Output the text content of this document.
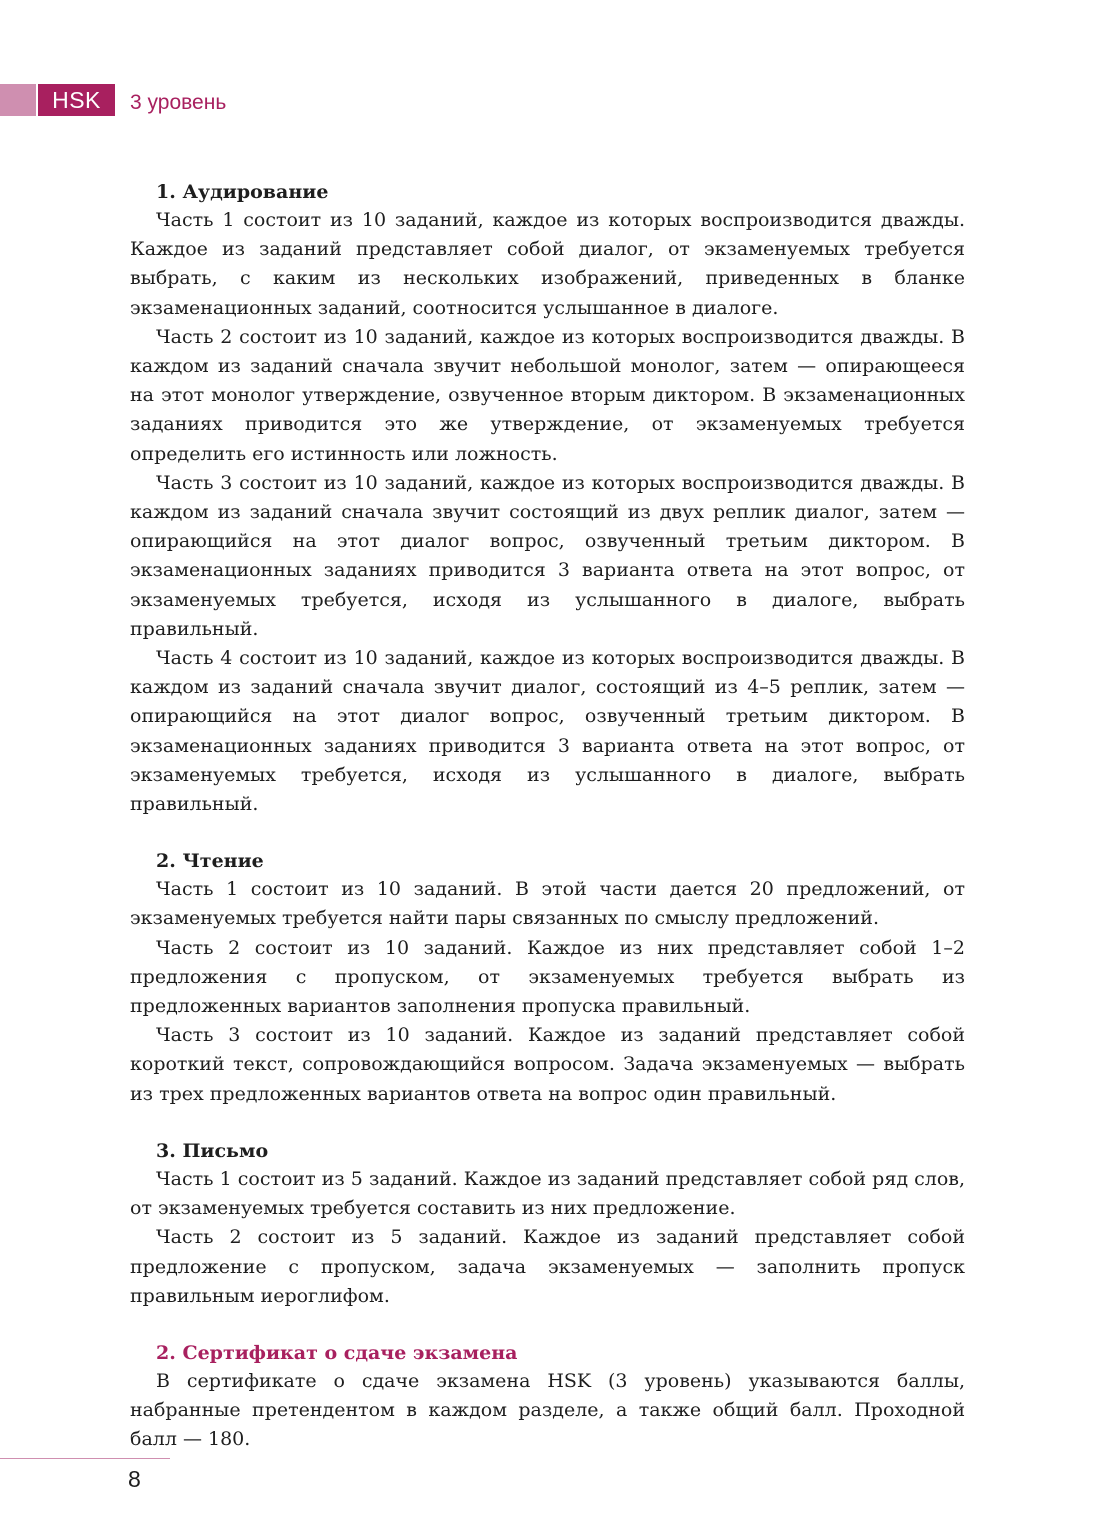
HSK 3 уровень

1. Аудирование

Часть 1 состоит из 10 заданий, каждое из которых воспроизводится дважды. Каждое из заданий представляет собой диалог, от экзаменуемых требуется выбрать, с каким из нескольких изображений, приведенных в бланке экзаменационных заданий, соотносится услышанное в диалоге.

Часть 2 состоит из 10 заданий, каждое из которых воспроизводится дважды. В каждом из заданий сначала звучит небольшой монолог, затем — опирающееся на этот монолог утверждение, озвученное вторым диктором. В экзаменационных заданиях приводится это же утверждение, от экзаменуемых требуется определить его истинность или ложность.

Часть 3 состоит из 10 заданий, каждое из которых воспроизводится дважды. В каждом из заданий сначала звучит состоящий из двух реплик диалог, затем — опирающийся на этот диалог вопрос, озвученный третьим диктором. В экзаменационных заданиях приводится 3 варианта ответа на этот вопрос, от экзаменуемых требуется, исходя из услышанного в диалоге, выбрать правильный.

Часть 4 состоит из 10 заданий, каждое из которых воспроизводится дважды. В каждом из заданий сначала звучит диалог, состоящий из 4–5 реплик, затем — опирающийся на этот диалог вопрос, озвученный третьим диктором. В экзаменационных заданиях приводится 3 варианта ответа на этот вопрос, от экзаменуемых требуется, исходя из услышанного в диалоге, выбрать правильный.

2. Чтение

Часть 1 состоит из 10 заданий. В этой части дается 20 предложений, от экзаменуемых требуется найти пары связанных по смыслу предложений.

Часть 2 состоит из 10 заданий. Каждое из них представляет собой 1–2 предложения с пропуском, от экзаменуемых требуется выбрать из предложенных вариантов заполнения пропуска правильный.

Часть 3 состоит из 10 заданий. Каждое из заданий представляет собой короткий текст, сопровождающийся вопросом. Задача экзаменуемых — выбрать из трех предложенных вариантов ответа на вопрос один правильный.

3. Письмо

Часть 1 состоит из 5 заданий. Каждое из заданий представляет собой ряд слов, от экзаменуемых требуется составить из них предложение.

Часть 2 состоит из 5 заданий. Каждое из заданий представляет собой предложение с пропуском, задача экзаменуемых — заполнить пропуск правильным иероглифом.

2. Сертификат о сдаче экзамена

В сертификате о сдаче экзамена HSK (3 уровень) указываются баллы, набранные претендентом в каждом разделе, а также общий балл. Проходной балл — 180.

8
